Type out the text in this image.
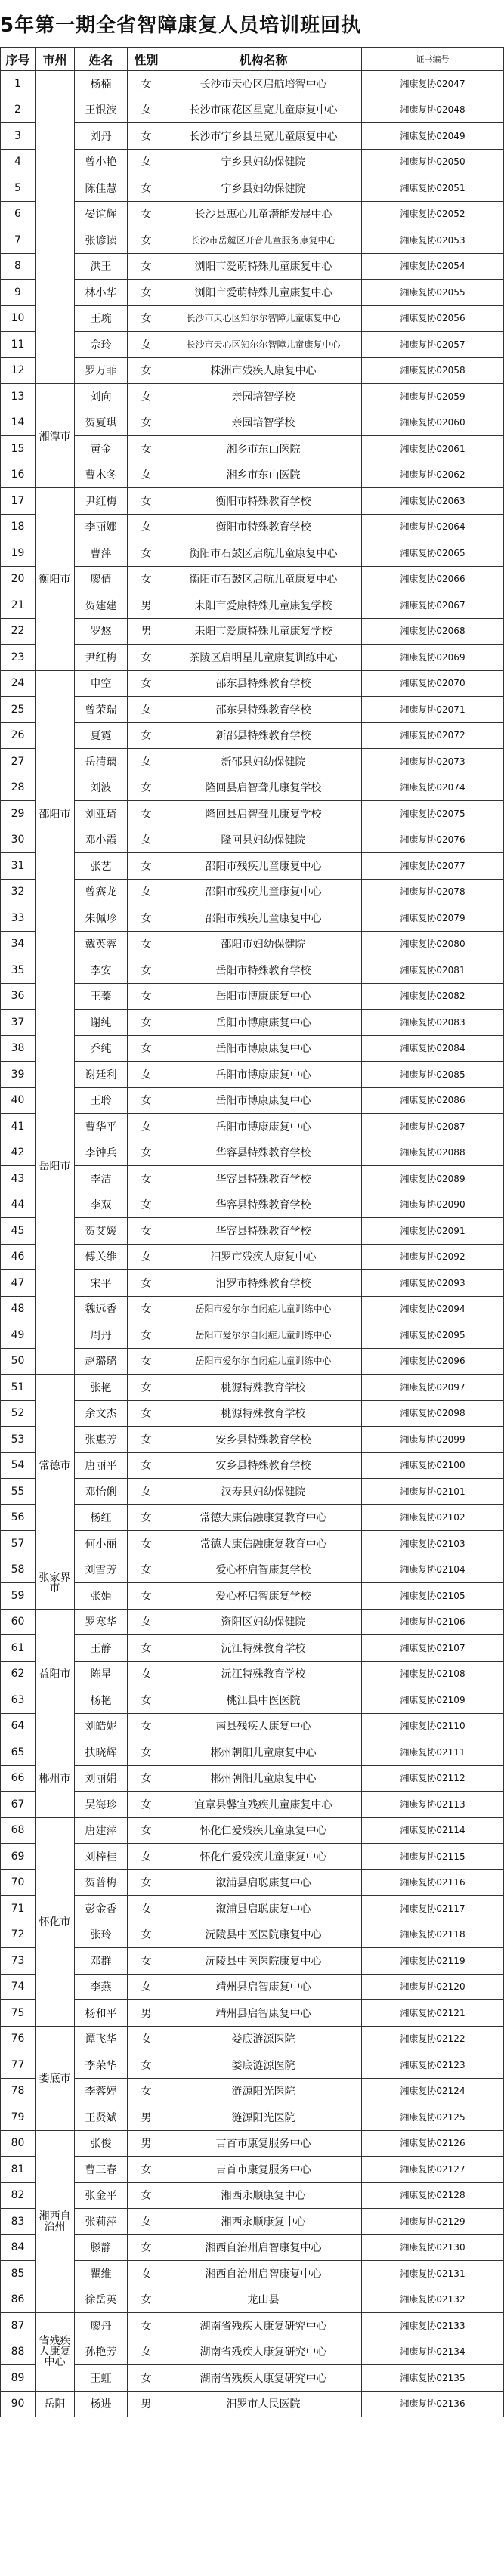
5年第一期全省智障康复人员培训班回执
序号	市州	姓名	性别	机构名称	证书编号
1		杨楠	女	长沙市天心区启航培智中心	湘康复协02047
2		王银波	女	长沙市雨花区星宽儿童康复中心	湘康复协02048
3		刘丹	女	长沙市宁乡县星宽儿童康复中心	湘康复协02049
4		曾小艳	女	宁乡县妇幼保健院	湘康复协02050
5		陈佳慧	女	宁乡县妇幼保健院	湘康复协02051
6		晏谊辉	女	长沙县惠心儿童潜能发展中心	湘康复协02052
7		张谚读	女	长沙市岳麓区开音儿童服务康复中心	湘康复协02053
8		洪王	女	浏阳市爱萌特殊儿童康复中心	湘康复协02054
9		林小华	女	浏阳市爱萌特殊儿童康复中心	湘康复协02055
10		王琬	女	长沙市天心区知尔尔智障儿童康复中心	湘康复协02056
11		佘玲	女	长沙市天心区知尔尔智障儿童康复中心	湘康复协02057
12		罗万菲	女	株洲市残疾人康复中心	湘康复协02058
13	湘潭市	刘向	女	亲园培智学校	湘康复协02059
14		贺夏琪	女	亲园培智学校	湘康复协02060
15		黄金	女	湘乡市东山医院	湘康复协02061
16		曹木冬	女	湘乡市东山医院	湘康复协02062
17	衡阳市	尹红梅	女	衡阳市特殊教育学校	湘康复协02063
18		李丽娜	女	衡阳市特殊教育学校	湘康复协02064
19		曹萍	女	衡阳市石鼓区启航儿童康复中心	湘康复协02065
20		廖倩	女	衡阳市石鼓区启航儿童康复中心	湘康复协02066
21		贺建建	男	耒阳市爱康特殊儿童康复学校	湘康复协02067
22		罗悠	男	耒阳市爱康特殊儿童康复学校	湘康复协02068
23		尹红梅	女	茶陵区启明星儿童康复训练中心	湘康复协02069
24	邵阳市	申空	女	邵东县特殊教育学校	湘康复协02070
25		曾荣瑞	女	邵东县特殊教育学校	湘康复协02071
26		夏霓	女	新邵县特殊教育学校	湘康复协02072
27		岳清璃	女	新邵县妇幼保健院	湘康复协02073
28		刘波	女	隆回县启智聋儿康复学校	湘康复协02074
29		刘亚琦	女	隆回县启智聋儿康复学校	湘康复协02075
30		邓小霞	女	隆回县妇幼保健院	湘康复协02076
31		张艺	女	邵阳市残疾儿童康复中心	湘康复协02077
32		曾赛龙	女	邵阳市残疾儿童康复中心	湘康复协02078
33		朱佩珍	女	邵阳市残疾儿童康复中心	湘康复协02079
34		戴英蓉	女	邵阳市妇幼保健院	湘康复协02080
35	岳阳市	李安	女	岳阳市特殊教育学校	湘康复协02081
36		王蓁	女	岳阳市博康康复中心	湘康复协02082
37		谢纯	女	岳阳市博康康复中心	湘康复协02083
38		乔纯	女	岳阳市博康康复中心	湘康复协02084
39		谢廷利	女	岳阳市博康康复中心	湘康复协02085
40		王聆	女	岳阳市博康康复中心	湘康复协02086
41		曹华平	女	岳阳市博康康复中心	湘康复协02087
42		李钟兵	女	华容县特殊教育学校	湘康复协02088
43		李洁	女	华容县特殊教育学校	湘康复协02089
44		李双	女	华容县特殊教育学校	湘康复协02090
45		贺艾媛	女	华容县特殊教育学校	湘康复协02091
46		傅关维	女	汨罗市残疾人康复中心	湘康复协02092
47		宋平	女	汨罗市特殊教育学校	湘康复协02093
48		魏远香	女	岳阳市爱尔尔自闭症儿童训练中心	湘康复协02094
49		周丹	女	岳阳市爱尔尔自闭症儿童训练中心	湘康复协02095
50		赵璐璐	女	岳阳市爱尔尔自闭症儿童训练中心	湘康复协02096
51	常德市	张艳	女	桃源特殊教育学校	湘康复协02097
52		余文杰	女	桃源特殊教育学校	湘康复协02098
53		张惠芳	女	安乡县特殊教育学校	湘康复协02099
54		唐丽平	女	安乡县特殊教育学校	湘康复协02100
55		邓怡俐	女	汉寿县妇幼保健院	湘康复协02101
56		杨红	女	常德大康信融康复教育中心	湘康复协02102
57		何小丽	女	常德大康信融康复教育中心	湘康复协02103
58	张家界市	刘雪芳	女	爱心杯启智康复学校	湘康复协02104
59		张娟	女	爱心杯启智康复学校	湘康复协02105
60	益阳市	罗寒华	女	资阳区妇幼保健院	湘康复协02106
61		王静	女	沅江特殊教育学校	湘康复协02107
62		陈星	女	沅江特殊教育学校	湘康复协02108
63		杨艳	女	桃江县中医医院	湘康复协02109
64		刘皓妮	女	南县残疾人康复中心	湘康复协02110
65	郴州市	扶晓辉	女	郴州朝阳儿童康复中心	湘康复协02111
66		刘丽娟	女	郴州朝阳儿童康复中心	湘康复协02112
67		吴海珍	女	宜章县馨宜残疾儿童康复中心	湘康复协02113
68	怀化市	唐建萍	女	怀化仁爱残疾儿童康复中心	湘康复协02114
69		刘梓桂	女	怀化仁爱残疾儿童康复中心	湘康复协02115
70		贺普梅	女	溆浦县启聪康复中心	湘康复协02116
71		彭金香	女	溆浦县启聪康复中心	湘康复协02117
72		张玲	女	沅陵县中医医院康复中心	湘康复协02118
73		邓群	女	沅陵县中医医院康复中心	湘康复协02119
74		李燕	女	靖州县启智康复中心	湘康复协02120
75		杨和平	男	靖州县启智康复中心	湘康复协02121
76	娄底市	谭飞华	女	娄底涟源医院	湘康复协02122
77		李荣华	女	娄底涟源医院	湘康复协02123
78		李蓉婷	女	涟源阳光医院	湘康复协02124
79		王贤斌	男	涟源阳光医院	湘康复协02125
80	湘西自治州	张俊	男	吉首市康复服务中心	湘康复协02126
81		曹三春	女	吉首市康复服务中心	湘康复协02127
82		张金平	女	湘西永顺康复中心	湘康复协02128
83		张莉萍	女	湘西永顺康复中心	湘康复协02129
84		滕静	女	湘西自治州启智康复中心	湘康复协02130
85		瞿维	女	湘西自治州启智康复中心	湘康复协02131
86		徐岳英	女	龙山县	湘康复协02132
87	省残疾人康复中心	廖丹	女	湖南省残疾人康复研究中心	湘康复协02133
88		孙艳芳	女	湖南省残疾人康复研究中心	湘康复协02134
89		王虹	女	湖南省残疾人康复研究中心	湘康复协02135
90	岳阳	杨进	男	汨罗市人民医院	湘康复协02136
